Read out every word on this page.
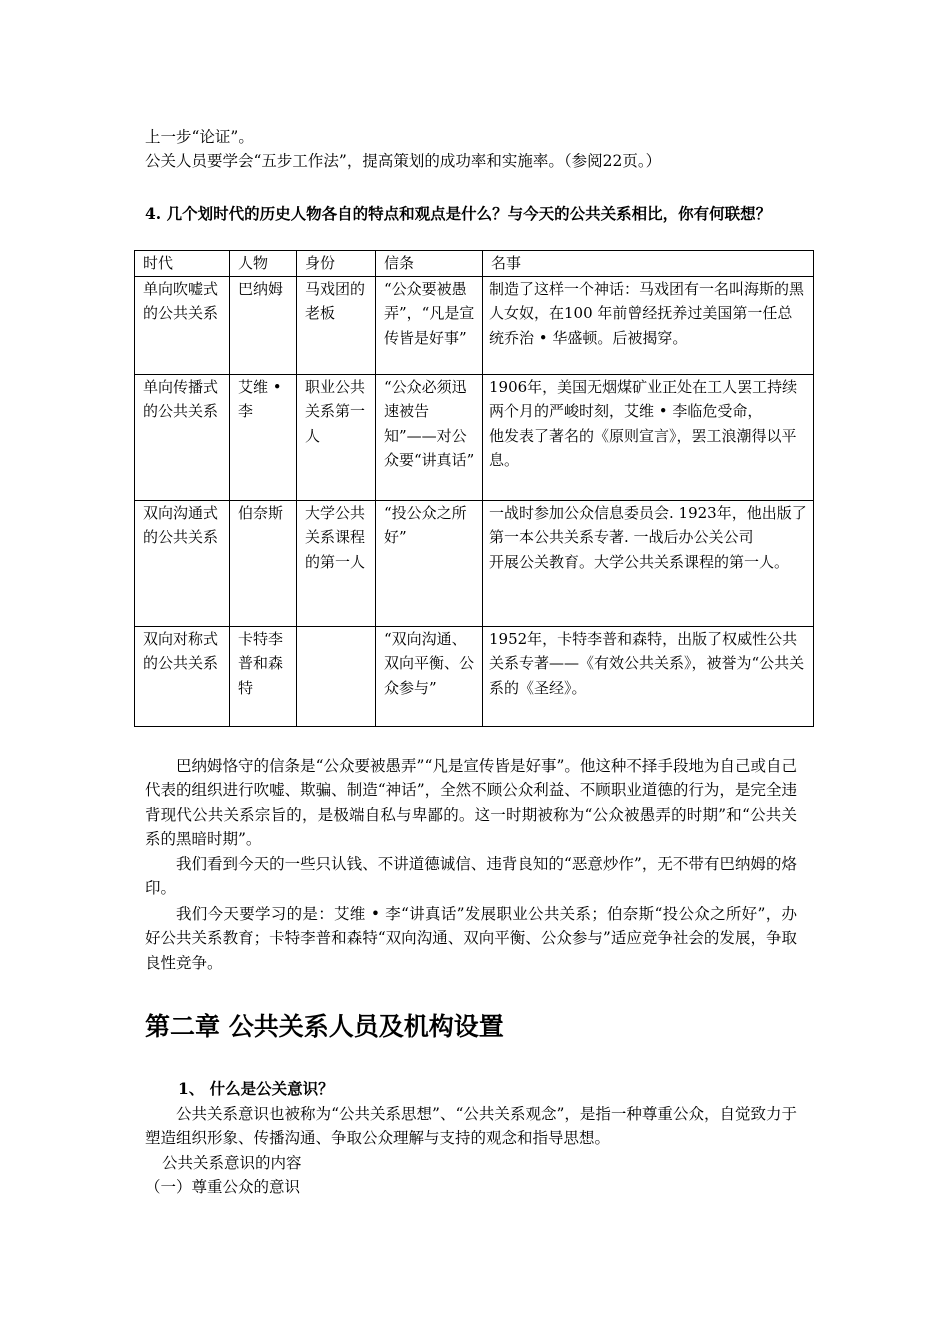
上一步“论证”。

公关人员要学会“五步工作法”，提高策划的成功率和实施率。（参阅22页。）

4. 几个划时代的历史人物各自的特点和观点是什么？与今天的公共关系相比，你有何联想？

时代	人物	身份	信条	名事
单向吹嘘式的公共关系	巴纳姆	马戏团的老板	“公众要被愚弄”，“凡是宣传皆是好事”	制造了这样一个神话：马戏团有一名叫海斯的黑人女奴，在100 年前曾经抚养过美国第一任总统乔治 • 华盛顿。后被揭穿。
单向传播式的公共关系	艾维 • 李	职业公共关系第一人	“公众必须迅速被告知”——对公众要“讲真话”	1906年，美国无烟煤矿业正处在工人罢工持续两个月的严峻时刻，艾维 • 李临危受命，
他发表了著名的《原则宣言》，罢工浪潮得以平息。
双向沟通式的公共关系	伯奈斯	大学公共关系课程的第一人	“投公众之所好”	一战时参加公众信息委员会. 1923年，他出版了第一本公共关系专著. 一战后办公关公司
开展公关教育。大学公共关系课程的第一人。
双向对称式的公共关系	卡特李普和森特		“双向沟通、双向平衡、公众参与”	1952年，卡特李普和森特，出版了权威性公共关系专著——《有效公共关系》，被誉为“公共关系的《圣经》。

巴纳姆恪守的信条是“公众要被愚弄”“凡是宣传皆是好事”。他这种不择手段地为自己或自己代表的组织进行吹嘘、欺骗、制造“神话”，全然不顾公众利益、不顾职业道德的行为，是完全违背现代公共关系宗旨的，是极端自私与卑鄙的。这一时期被称为“公众被愚弄的时期”和“公共关系的黑暗时期”。

我们看到今天的一些只认钱、不讲道德诚信、违背良知的“恶意炒作”，无不带有巴纳姆的烙印。

我们今天要学习的是：艾维 • 李“讲真话”发展职业公共关系；伯奈斯“投公众之所好”，办好公共关系教育；卡特李普和森特“双向沟通、双向平衡、公众参与”适应竞争社会的发展，争取良性竞争。

第二章 公共关系人员及机构设置

1、 什么是公关意识？

公共关系意识也被称为“公共关系思想”、“公共关系观念”，是指一种尊重公众，自觉致力于塑造组织形象、传播沟通、争取公众理解与支持的观念和指导思想。

公共关系意识的内容

（一）尊重公众的意识
